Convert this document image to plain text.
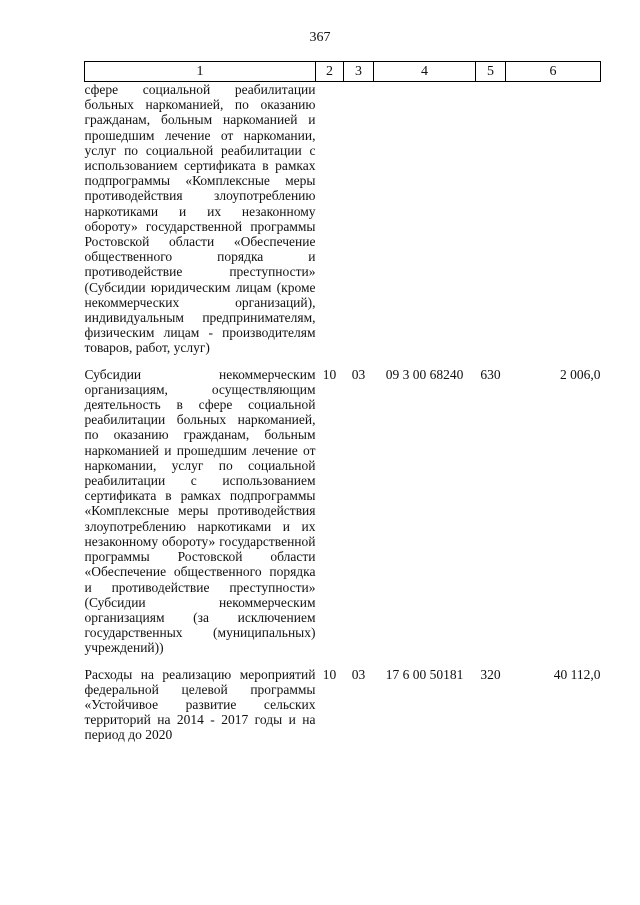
367
1	2	3	4	5	6
сфере социальной реабилитации больных наркоманией, по оказанию гражданам, больным наркоманией и прошедшим лечение от наркомании, услуг по социальной реабилитации с использованием сертификата в рамках подпрограммы «Комплексные меры противодействия злоупотреблению наркотиками и их незаконному обороту» государственной программы Ростовской области «Обеспечение общественного порядка и противодействие преступности» (Субсидии юридическим лицам (кроме некоммерческих организаций), индивидуальным предпринимателям, физическим лицам - производителям товаров, работ, услуг)					
Субсидии некоммерческим организациям, осуществляющим деятельность в сфере социальной реабилитации больных наркоманией, по оказанию гражданам, больным наркоманией и прошедшим лечение от наркомании, услуг по социальной реабилитации с использованием сертификата в рамках подпрограммы «Комплексные меры противодействия злоупотреблению наркотиками и их незаконному обороту» государственной программы Ростовской области «Обеспечение общественного порядка и противодействие преступности» (Субсидии некоммерческим организациям (за исключением государственных (муниципальных) учреждений))	10	03	09 3 00 68240	630	2 006,0
Расходы на реализацию мероприятий федеральной целевой программы «Устойчивое развитие сельских территорий на 2014 - 2017 годы и на период до 2020	10	03	17 6 00 50181	320	40 112,0
